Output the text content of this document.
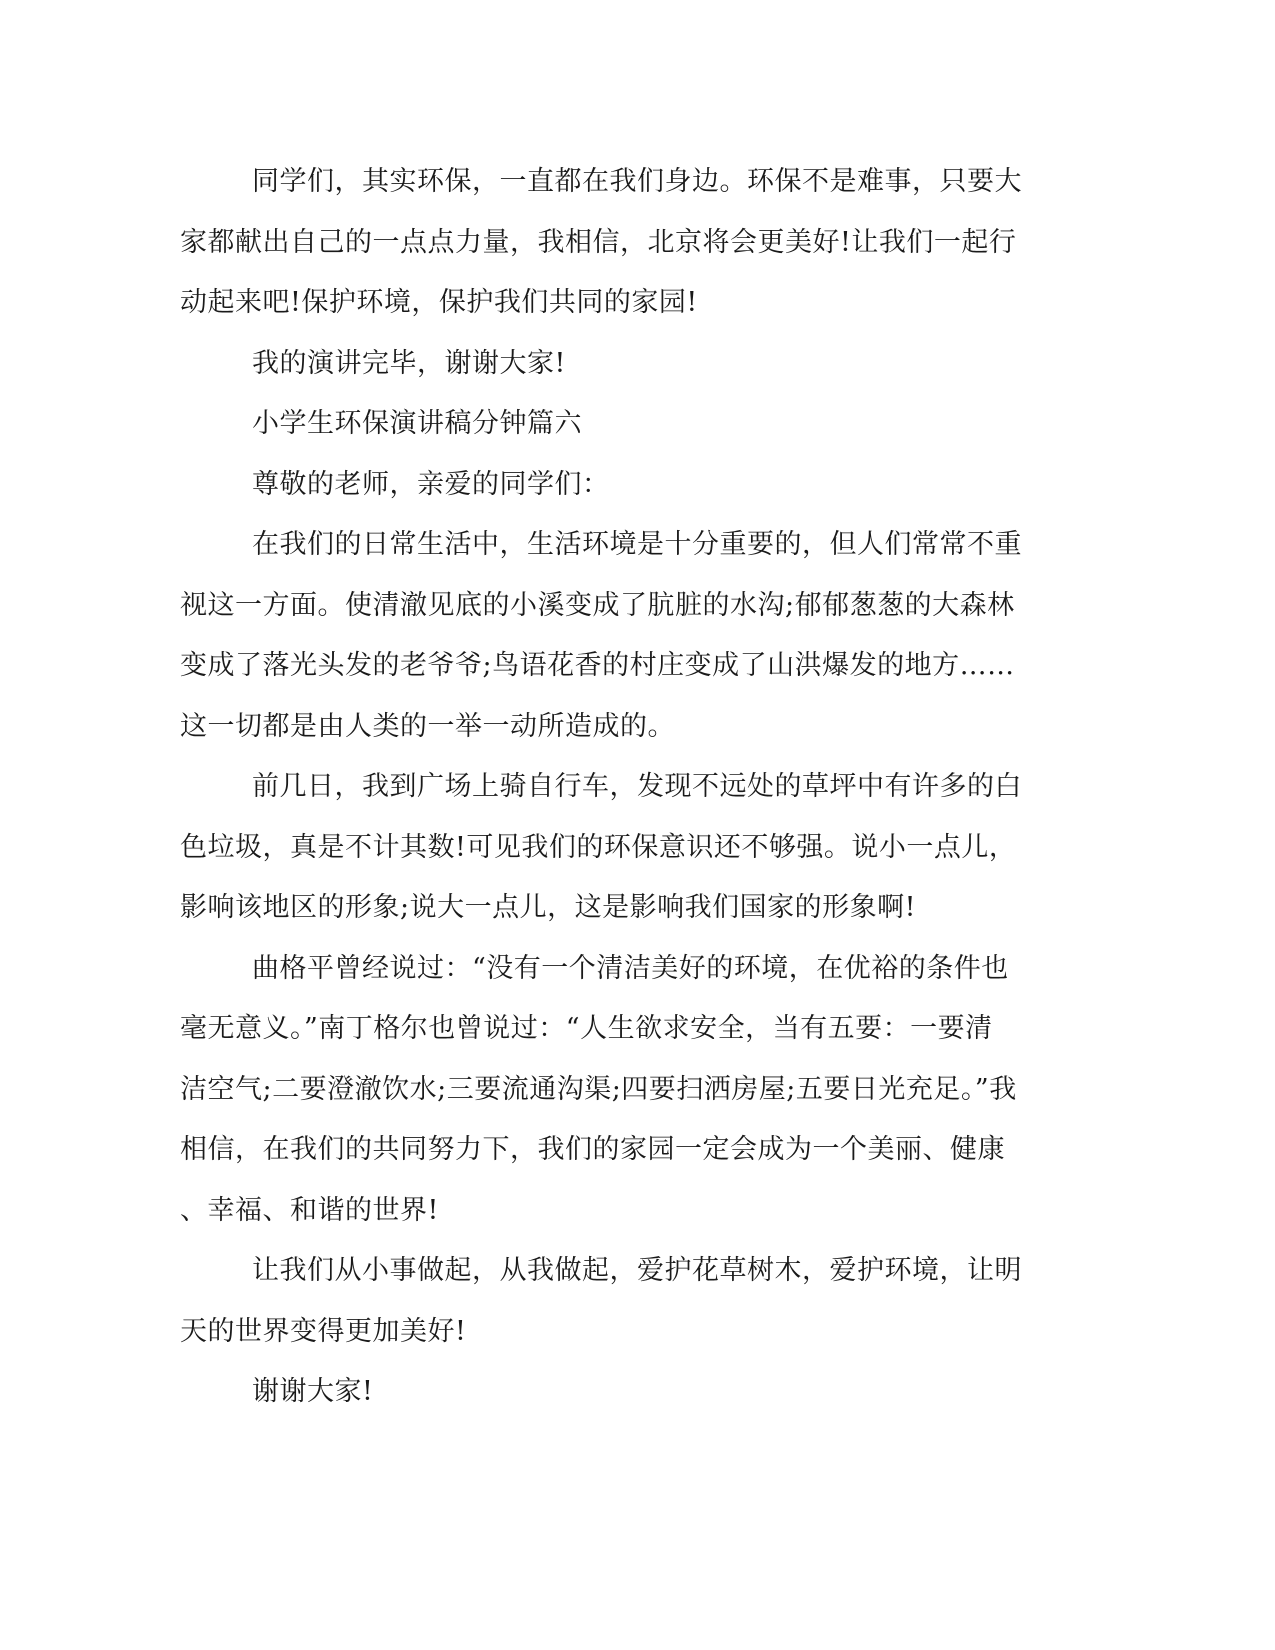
同学们，其实环保，一直都在我们身边。环保不是难事，只要大
家都献出自己的一点点力量，我相信，北京将会更美好!让我们一起行
动起来吧!保护环境，保护我们共同的家园!
我的演讲完毕，谢谢大家!
小学生环保演讲稿分钟篇六
尊敬的老师，亲爱的同学们：
在我们的日常生活中，生活环境是十分重要的，但人们常常不重
视这一方面。使清澈见底的小溪变成了肮脏的水沟;郁郁葱葱的大森林
变成了落光头发的老爷爷;鸟语花香的村庄变成了山洪爆发的地方……
这一切都是由人类的一举一动所造成的。
前几日，我到广场上骑自行车，发现不远处的草坪中有许多的白
色垃圾，真是不计其数!可见我们的环保意识还不够强。说小一点儿，
影响该地区的形象;说大一点儿，这是影响我们国家的形象啊!
曲格平曾经说过：“没有一个清洁美好的环境，在优裕的条件也
毫无意义。”南丁格尔也曾说过：“人生欲求安全，当有五要：一要清
洁空气;二要澄澈饮水;三要流通沟渠;四要扫洒房屋;五要日光充足。”我
相信，在我们的共同努力下，我们的家园一定会成为一个美丽、健康
、幸福、和谐的世界!
让我们从小事做起，从我做起，爱护花草树木，爱护环境，让明
天的世界变得更加美好!
谢谢大家!
